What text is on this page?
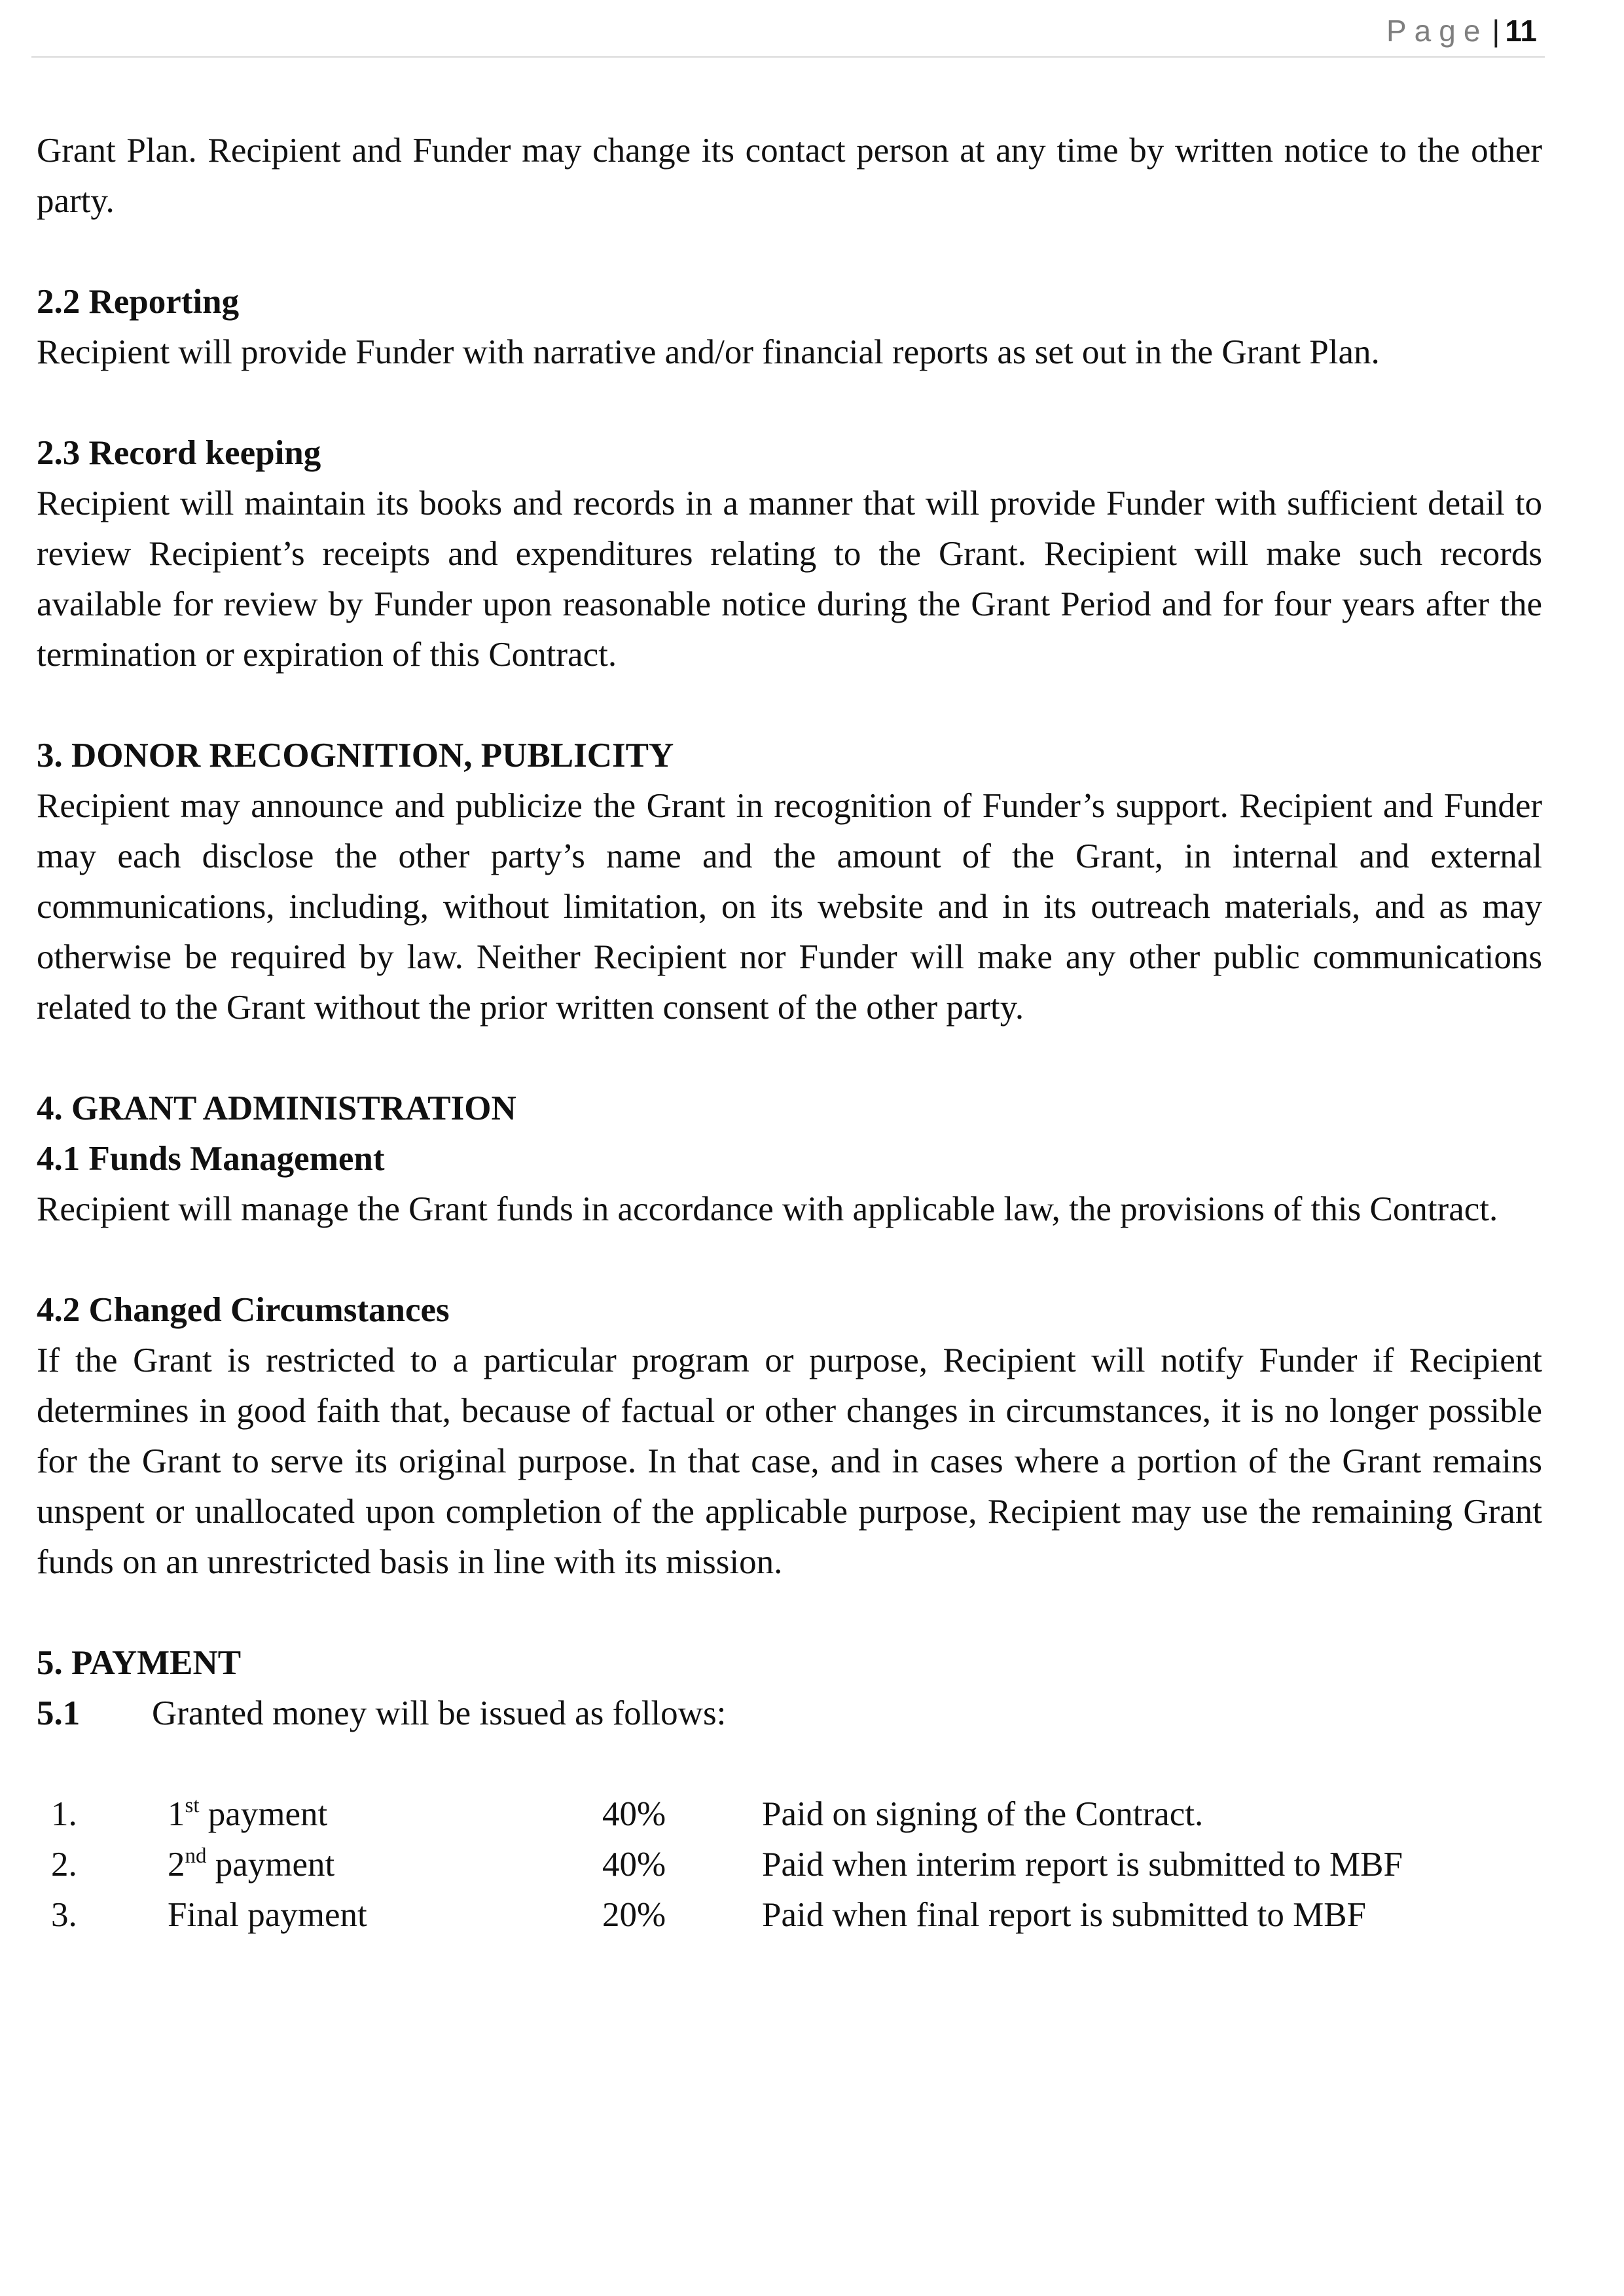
Page | 11

Grant Plan. Recipient and Funder may change its contact person at any time by written notice to the other party.

2.2 Reporting

Recipient will provide Funder with narrative and/or financial reports as set out in the Grant Plan.

2.3 Record keeping

Recipient will maintain its books and records in a manner that will provide Funder with sufficient detail to review Recipient’s receipts and expenditures relating to the Grant. Recipient will make such records available for review by Funder upon reasonable notice during the Grant Period and for four years after the termination or expiration of this Contract.

3. DONOR RECOGNITION, PUBLICITY

Recipient may announce and publicize the Grant in recognition of Funder’s support. Recipient and Funder may each disclose the other party’s name and the amount of the Grant, in internal and external communications, including, without limitation, on its website and in its outreach materials, and as may otherwise be required by law. Neither Recipient nor Funder will make any other public communications related to the Grant without the prior written consent of the other party.

4. GRANT ADMINISTRATION
4.1 Funds Management

Recipient will manage the Grant funds in accordance with applicable law, the provisions of this Contract.

4.2 Changed Circumstances

If the Grant is restricted to a particular program or purpose, Recipient will notify Funder if Recipient determines in good faith that, because of factual or other changes in circumstances, it is no longer possible for the Grant to serve its original purpose. In that case, and in cases where a portion of the Grant remains unspent or unallocated upon completion of the applicable purpose, Recipient may use the remaining Grant funds on an unrestricted basis in line with its mission.

5. PAYMENT
5.1	Granted money will be issued as follows:
1.	1st payment	40%	Paid on signing of the Contract.
2.	2nd payment	40%	Paid when interim report is submitted to MBF
3.	Final payment	20%	Paid when final report is submitted to MBF
